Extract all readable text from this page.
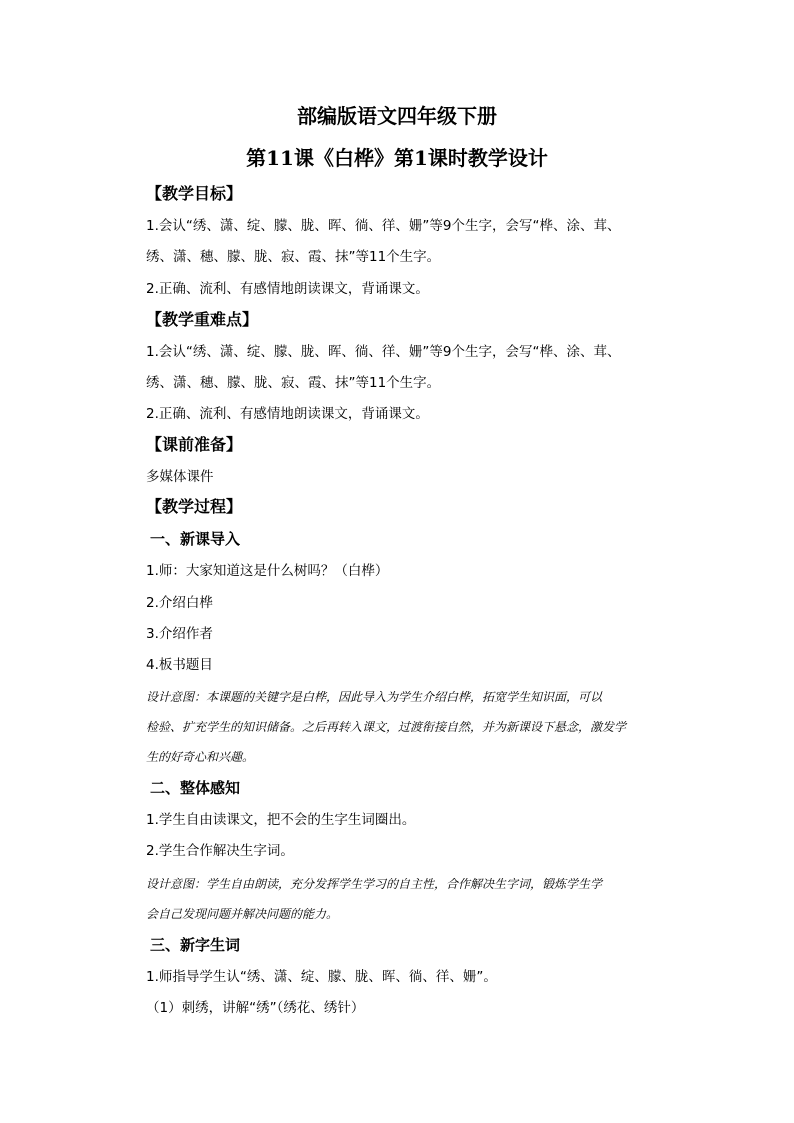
部编版语文四年级下册
第11课《白桦》第1课时教学设计
【教学目标】
1.会认“绣、潇、绽、朦、胧、晖、徜、徉、姗”等9个生字，会写“桦、涂、茸、
绣、潇、穗、朦、胧、寂、霞、抹”等11个生字。
2.正确、流利、有感情地朗读课文，背诵课文。
【教学重难点】
1.会认“绣、潇、绽、朦、胧、晖、徜、徉、姗”等9个生字，会写“桦、涂、茸、
绣、潇、穗、朦、胧、寂、霞、抹”等11个生字。
2.正确、流利、有感情地朗读课文，背诵课文。
【课前准备】
多媒体课件
【教学过程】
一、新课导入
1.师：大家知道这是什么树吗？（白桦）
2.介绍白桦
3.介绍作者
4.板书题目
设计意图：本课题的关键字是白桦，因此导入为学生介绍白桦，拓宽学生知识面，可以
检验、扩充学生的知识储备。之后再转入课文，过渡衔接自然，并为新课设下悬念，激发学
生的好奇心和兴趣。
二、整体感知
1.学生自由读课文，把不会的生字生词圈出。
2.学生合作解决生字词。
设计意图：学生自由朗读，充分发挥学生学习的自主性，合作解决生字词，锻炼学生学
会自己发现问题并解决问题的能力。
三、新字生词
1.师指导学生认“绣、潇、绽、朦、胧、晖、徜、徉、姗”。
（1）刺绣，讲解“绣”（绣花、绣针）
